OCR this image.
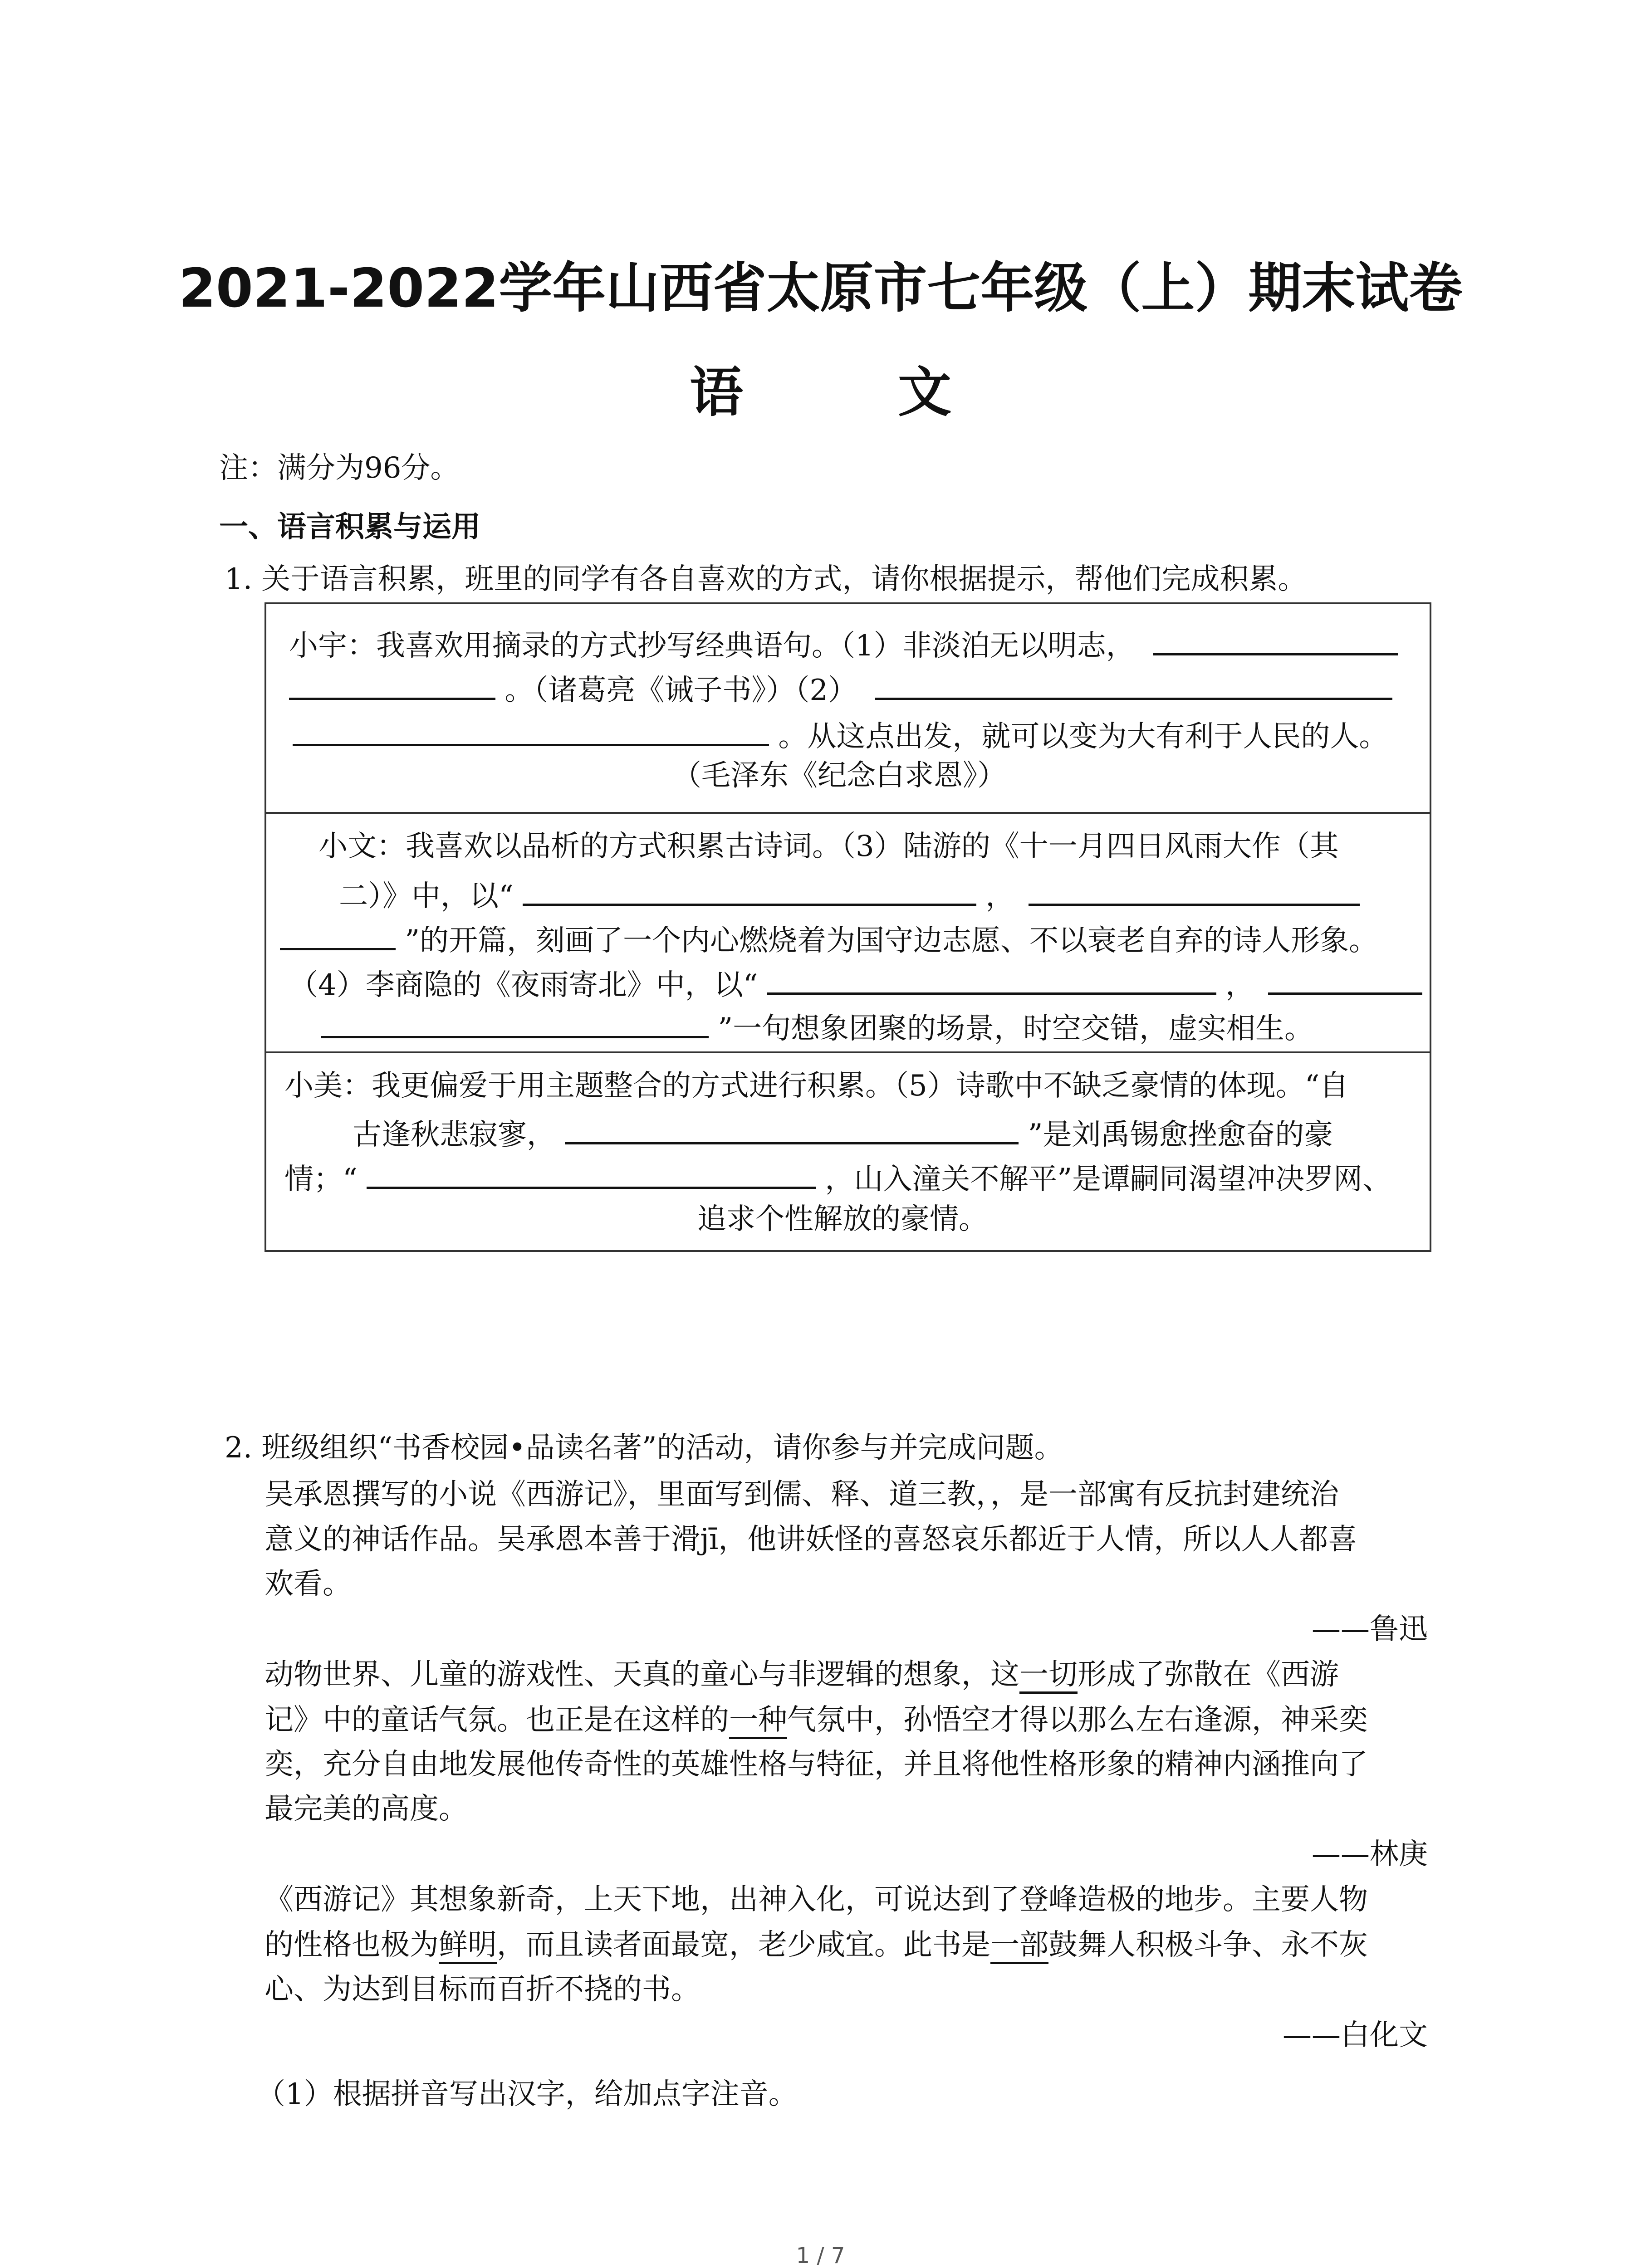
2021-2022学年山西省太原市七年级（上）期末试卷
语 文
注：满分为96分。
一、语言积累与运用
1. 关于语言积累，班里的同学有各自喜欢的方式，请你根据提示，帮他们完成积累。
小宇：我喜欢用摘录的方式抄写经典语句。（1）非淡泊无以明志，
。（诸葛亮《诫子书》）（2）
。从这点出发，就可以变为大有利于人民的人。
（毛泽东《纪念白求恩》）
小文：我喜欢以品析的方式积累古诗词。（3）陆游的《十一月四日风雨大作（其
二）》中，以“	，
”的开篇，刻画了一个内心燃烧着为国守边志愿、不以衰老自弃的诗人形象。
（4）李商隐的《夜雨寄北》中，以“	，
”一句想象团聚的场景，时空交错，虚实相生。
小美：我更偏爱于用主题整合的方式进行积累。（5）诗歌中不缺乏豪情的体现。“自
古逢秋悲寂寥，	”是刘禹锡愈挫愈奋的豪
情；“	，山入潼关不解平”是谭嗣同渴望冲决罗网、
追求个性解放的豪情。
2. 班级组织“书香校园•品读名著”的活动，请你参与并完成问题。
吴承恩撰写的小说《西游记》，里面写到儒、释、道三教，，是一部寓有反抗封建统治
意义的神话作品。吴承恩本善于滑jī，他讲妖怪的喜怒哀乐都近于人情，所以人人都喜
欢看。
——鲁迅
动物世界、儿童的游戏性、天真的童心与非逻辑的想象，这一切形成了弥散在《西游
记》中的童话气氛。也正是在这样的一种气氛中，孙悟空才得以那么左右逢源，神采奕
奕，充分自由地发展他传奇性的英雄性格与特征，并且将他性格形象的精神内涵推向了
最完美的高度。
——林庚
《西游记》其想象新奇，上天下地，出神入化，可说达到了登峰造极的地步。主要人物
的性格也极为鲜明，而且读者面最宽，老少咸宜。此书是一部鼓舞人积极斗争、永不灰
心、为达到目标而百折不挠的书。
——白化文
（1）根据拼音写出汉字，给加点字注音。
1 / 7
